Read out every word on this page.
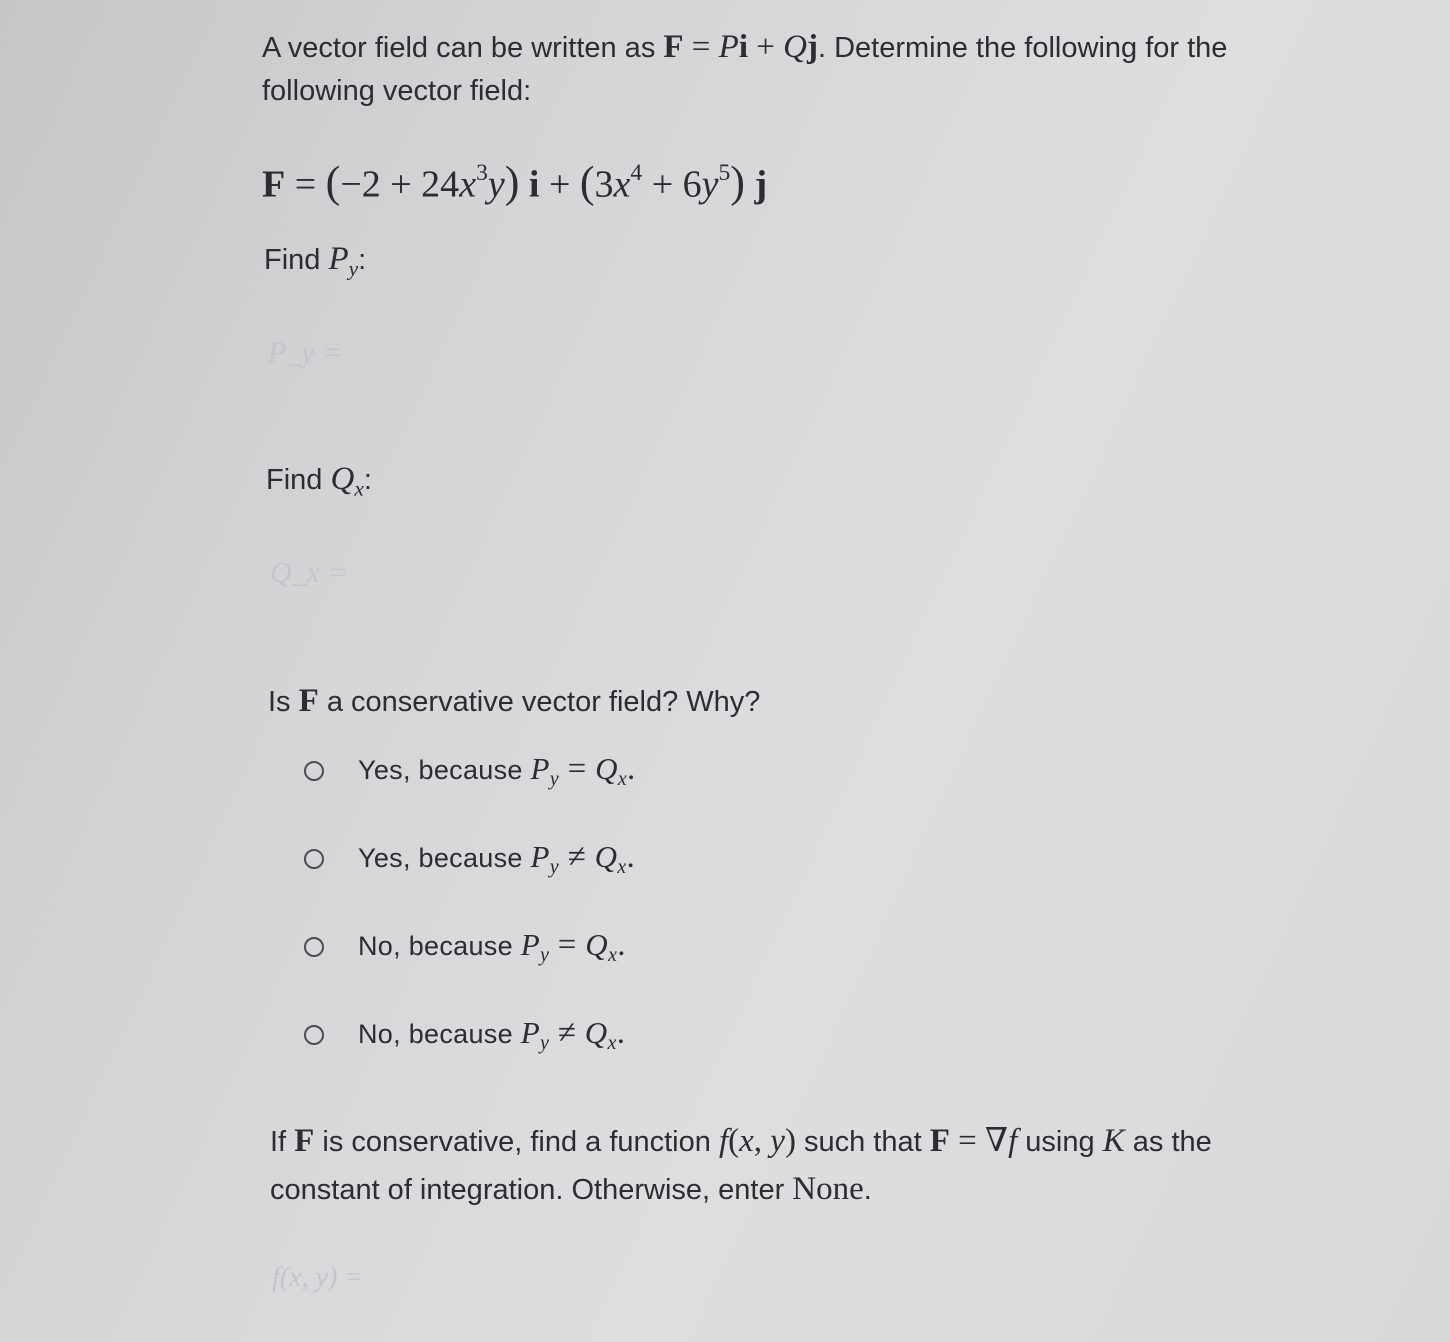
A vector field can be written as F = Pi + Qj. Determine the following for the
following vector field:
$F = (-2 + 24x^3y)$ $i + (3x^4 + 6y^5)$ j
Find $P_y$:
P_y =
Find $Q_x$:
Q_x =
Is F a conservative vector field? Why?
Yes, because $P_y = Q_x$.
Yes, because $P_y \ne Q_x$.
No, because $P_y = Q_x$.
No, because $P_y \ne Q_x$.
If F is conservative, find a function f(x, y) such that F = ∇f using K as the
constant of integration. Otherwise, enter None.
f(x, y) =
